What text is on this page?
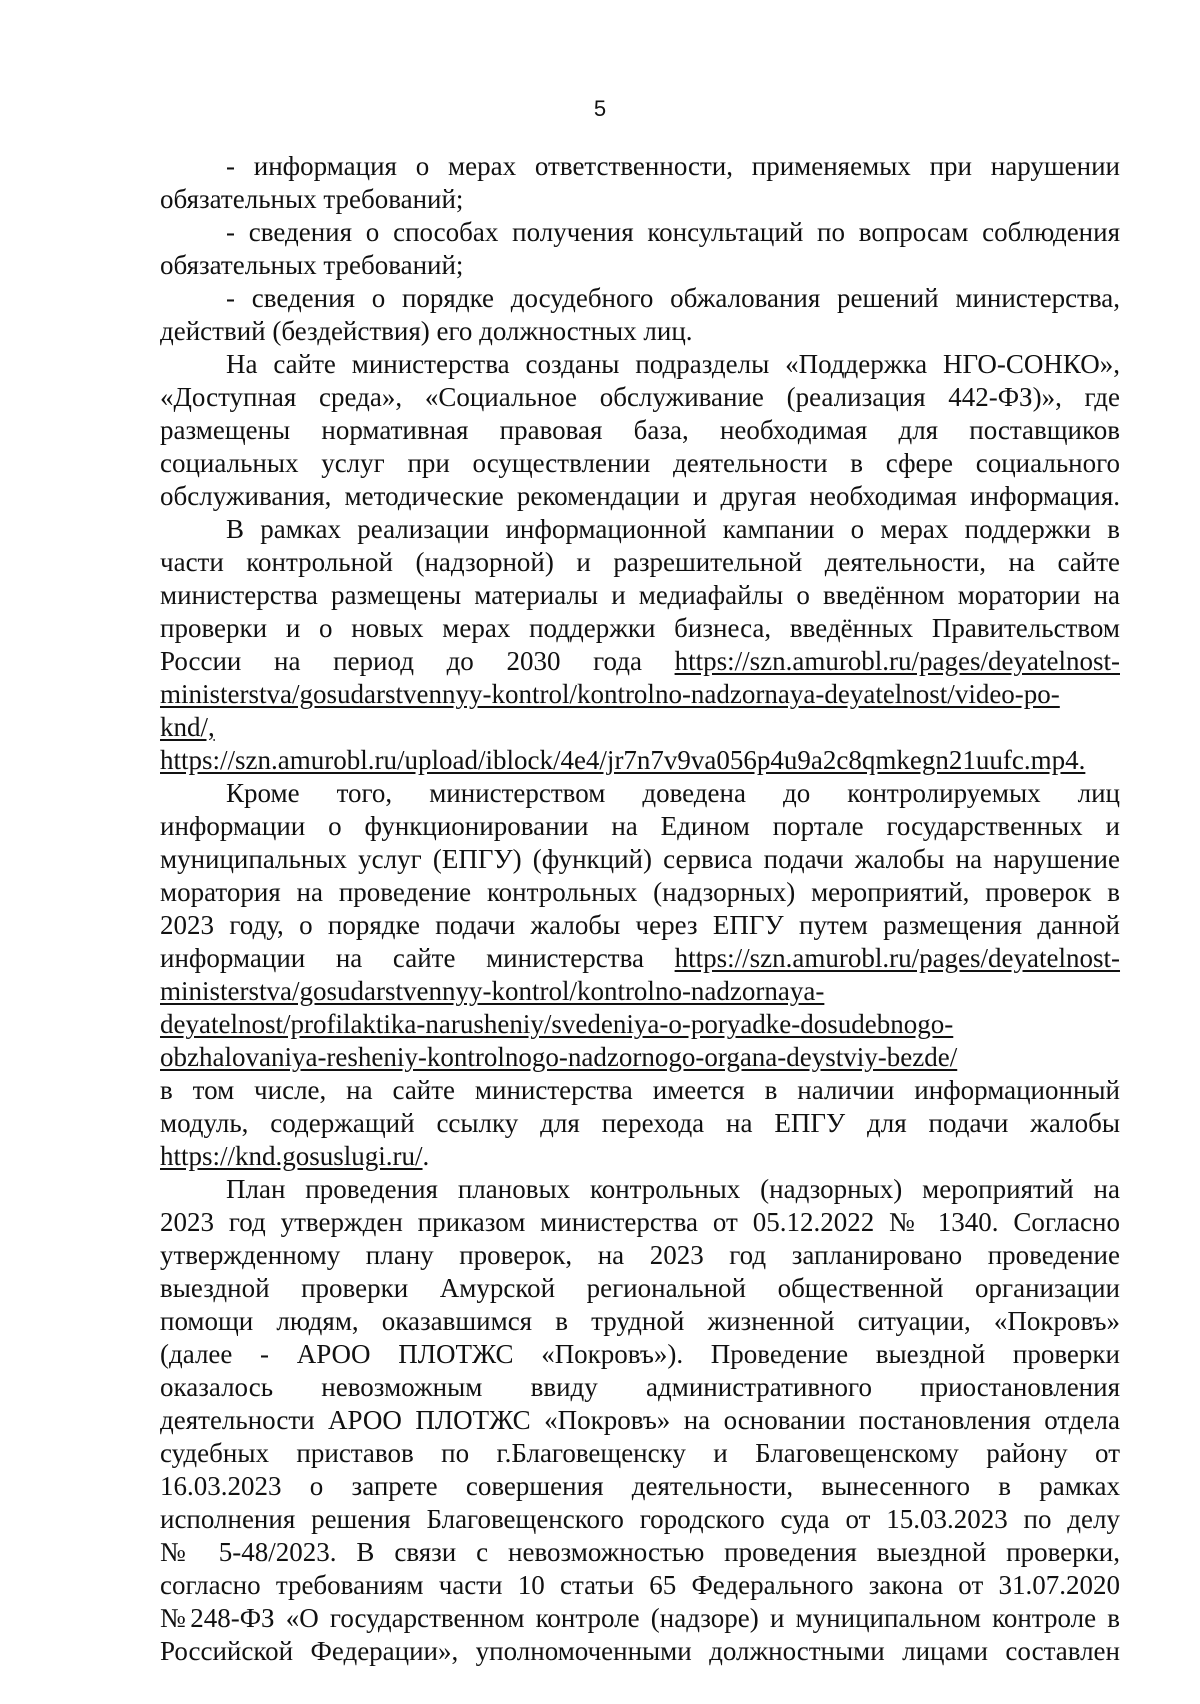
5
- информация о мерах ответственности, применяемых при нарушении
обязательных требований;
- сведения о способах получения консультаций по вопросам соблюдения
обязательных требований;
- сведения о порядке досудебного обжалования решений министерства,
действий (бездействия) его должностных лиц.
На сайте министерства созданы подразделы «Поддержка НГО-СОНКО»,
«Доступная среда», «Социальное обслуживание (реализация 442-ФЗ)», где
размещены нормативная правовая база, необходимая для поставщиков
социальных услуг при осуществлении деятельности в сфере социального
обслуживания, методические рекомендации и другая необходимая информация.
В рамках реализации информационной кампании о мерах поддержки в
части контрольной (надзорной) и разрешительной деятельности, на сайте
министерства размещены материалы и медиафайлы о введённом моратории на
проверки и о новых мерах поддержки бизнеса, введённых Правительством
России на период до 2030 года https://szn.amurobl.ru/pages/deyatelnost-
ministerstva/gosudarstvennyy-kontrol/kontrolno-nadzornaya-deyatelnost/video-po-
knd/,
https://szn.amurobl.ru/upload/iblock/4e4/jr7n7v9va056p4u9a2c8qmkegn21uufc.mp4.
Кроме того, министерством доведена до контролируемых лиц
информации о функционировании на Едином портале государственных и
муниципальных услуг (ЕПГУ) (функций) сервиса подачи жалобы на нарушение
моратория на проведение контрольных (надзорных) мероприятий, проверок в
2023 году, о порядке подачи жалобы через ЕПГУ путем размещения данной
информации на сайте министерства https://szn.amurobl.ru/pages/deyatelnost-
ministerstva/gosudarstvennyy-kontrol/kontrolno-nadzornaya-
deyatelnost/profilaktika-narusheniy/svedeniya-o-poryadke-dosudebnogo-
obzhalovaniya-resheniy-kontrolnogo-nadzornogo-organa-deystviy-bezde/
в том числе, на сайте министерства имеется в наличии информационный
модуль, содержащий ссылку для перехода на ЕПГУ для подачи жалобы
https://knd.gosuslugi.ru/.
План проведения плановых контрольных (надзорных) мероприятий на
2023 год утвержден приказом министерства от 05.12.2022 № 1340. Согласно
утвержденному плану проверок, на 2023 год запланировано проведение
выездной проверки Амурской региональной общественной организации
помощи людям, оказавшимся в трудной жизненной ситуации, «Покровъ»
(далее - АРОО ПЛОТЖС «Покровъ»). Проведение выездной проверки
оказалось невозможным ввиду административного приостановления
деятельности АРОО ПЛОТЖС «Покровъ» на основании постановления отдела
судебных приставов по г.Благовещенску и Благовещенскому району от
16.03.2023 о запрете совершения деятельности, вынесенного в рамках
исполнения решения Благовещенского городского суда от 15.03.2023 по делу
№ 5-48/2023. В связи с невозможностью проведения выездной проверки,
согласно требованиям части 10 статьи 65 Федерального закона от 31.07.2020
№248-ФЗ «О государственном контроле (надзоре) и муниципальном контроле в
Российской Федерации», уполномоченными должностными лицами составлен
